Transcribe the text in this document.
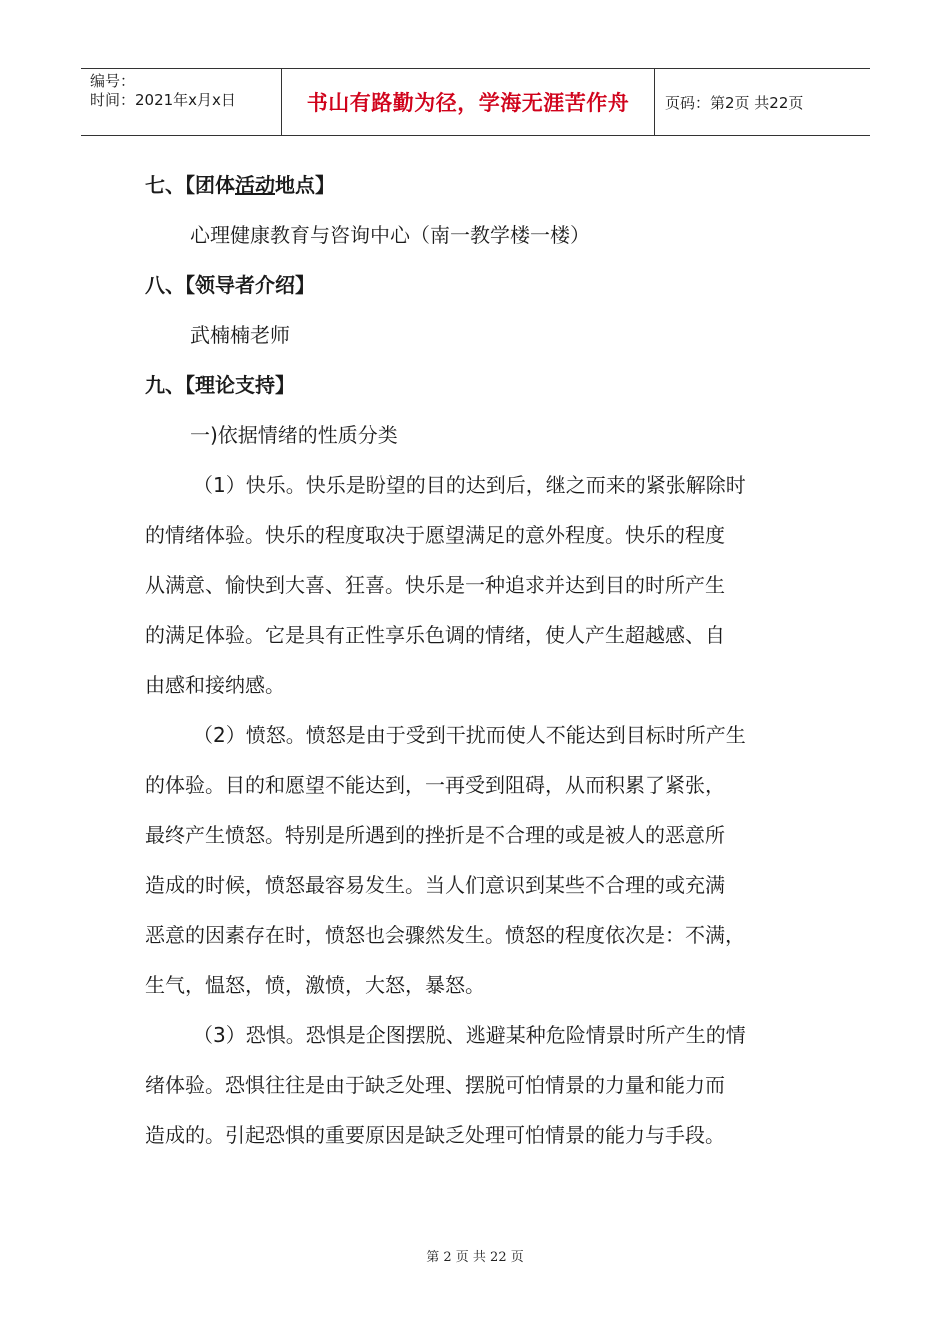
编号：
时间：2021年x月x日	书山有路勤为径，学海无涯苦作舟 页码：第2页 共22页
七、【团体活动地点】
心理健康教育与咨询中心（南一教学楼一楼）
八、【领导者介绍】
武楠楠老师
九、【理论支持】
一)依据情绪的性质分类
（1）快乐。快乐是盼望的目的达到后，继之而来的紧张解除时
的情绪体验。快乐的程度取决于愿望满足的意外程度。快乐的程度
从满意、愉快到大喜、狂喜。快乐是一种追求并达到目的时所产生
的满足体验。它是具有正性享乐色调的情绪，使人产生超越感、自
由感和接纳感。
（2）愤怒。愤怒是由于受到干扰而使人不能达到目标时所产生
的体验。目的和愿望不能达到，一再受到阻碍，从而积累了紧张，
最终产生愤怒。特别是所遇到的挫折是不合理的或是被人的恶意所
造成的时候，愤怒最容易发生。当人们意识到某些不合理的或充满
恶意的因素存在时，愤怒也会骤然发生。愤怒的程度依次是：不满，
生气，愠怒，愤，激愤，大怒，暴怒。
（3）恐惧。恐惧是企图摆脱、逃避某种危险情景时所产生的情
绪体验。恐惧往往是由于缺乏处理、摆脱可怕情景的力量和能力而
造成的。引起恐惧的重要原因是缺乏处理可怕情景的能力与手段。
第 2 页 共 22 页
